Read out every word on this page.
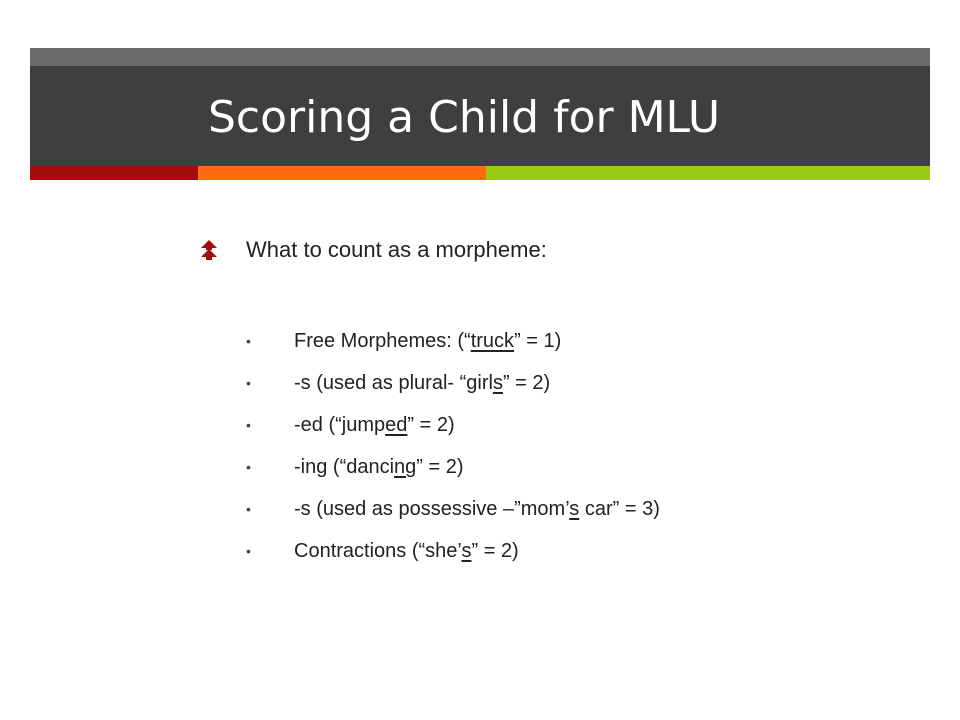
Scoring a Child for MLU
What to count as a morpheme:
• Free Morphemes: (“truck” = 1)
• -s (used as plural- “girls” = 2)
• -ed (“jumped” = 2)
• -ing (“dancing” = 2)
• -s (used as possessive –”mom’s car” = 3)
• Contractions (“she’s” = 2)
